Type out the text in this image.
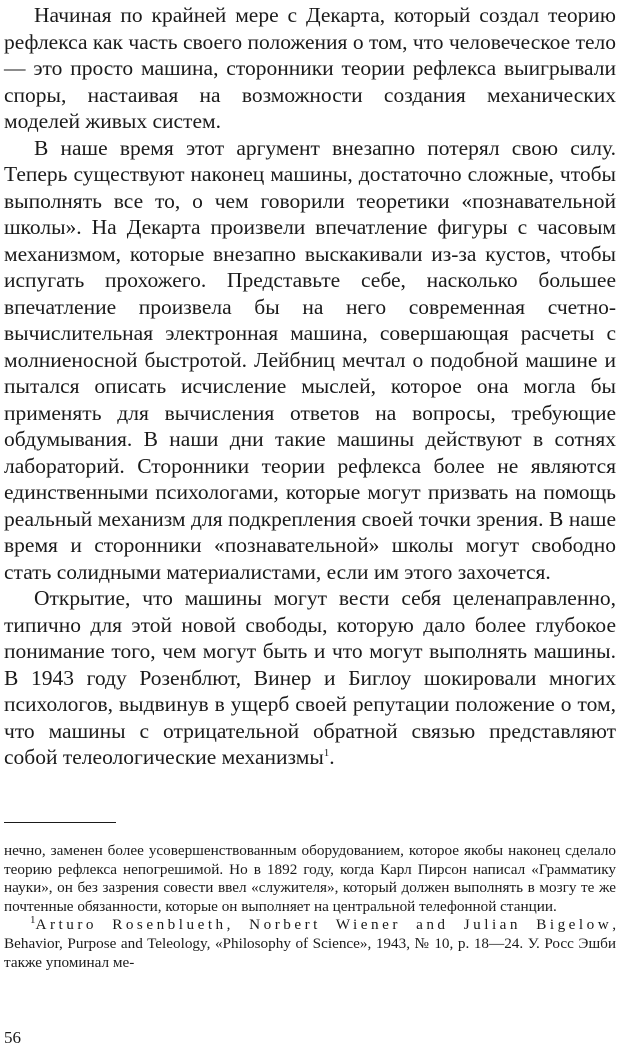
Начиная по крайней мере с Декарта, который создал теорию рефлекса как часть своего положения о том, что человеческое тело — это просто машина, сторонники теории рефлекса выигрывали споры, настаивая на возможности создания механических моделей живых систем.

В наше время этот аргумент внезапно потерял свою силу. Теперь существуют наконец машины, достаточно сложные, чтобы выполнять все то, о чем говорили теоретики «познавательной школы». На Декарта произвели впечатление фигуры с часовым механизмом, которые внезапно выскакивали из-за кустов, чтобы испугать прохожего. Представьте себе, насколько большее впечатление произвела бы на него современная счетно-вычислительная электронная машина, совершающая расчеты с молниеносной быстротой. Лейбниц мечтал о подобной машине и пытался описать исчисление мыслей, которое она могла бы применять для вычисления ответов на вопросы, требующие обдумывания. В наши дни такие машины действуют в сотнях лабораторий. Сторонники теории рефлекса более не являются единственными психологами, которые могут призвать на помощь реальный механизм для подкрепления своей точки зрения. В наше время и сторонники «познавательной» школы могут свободно стать солидными материалистами, если им этого захочется.

Открытие, что машины могут вести себя целенаправленно, типично для этой новой свободы, которую дало более глубокое понимание того, чем могут быть и что могут выполнять машины. В 1943 году Розенблют, Винер и Биглоу шокировали многих психологов, выдвинув в ущерб своей репутации положение о том, что машины с отрицательной обратной связью представляют собой телеологические механизмы$^1$.

нечно, заменен более усовершенствованным оборудованием, которое якобы наконец сделало теорию рефлекса непогрешимой. Но в 1892 году, когда Карл Пирсон написал «Грамматику науки», он без зазрения совести ввел «служителя», который должен выполнять в мозгу те же почтенные обязанности, которые он выполняет на центральной телефонной станции.

$^1$Arturo Rosenblueth, Norbert Wiener and Julian Bigelow, Behavior, Purpose and Teleology, «Philosophy of Science», 1943, № 10, p. 18—24. У. Росс Эшби также упоминал ме-

56
